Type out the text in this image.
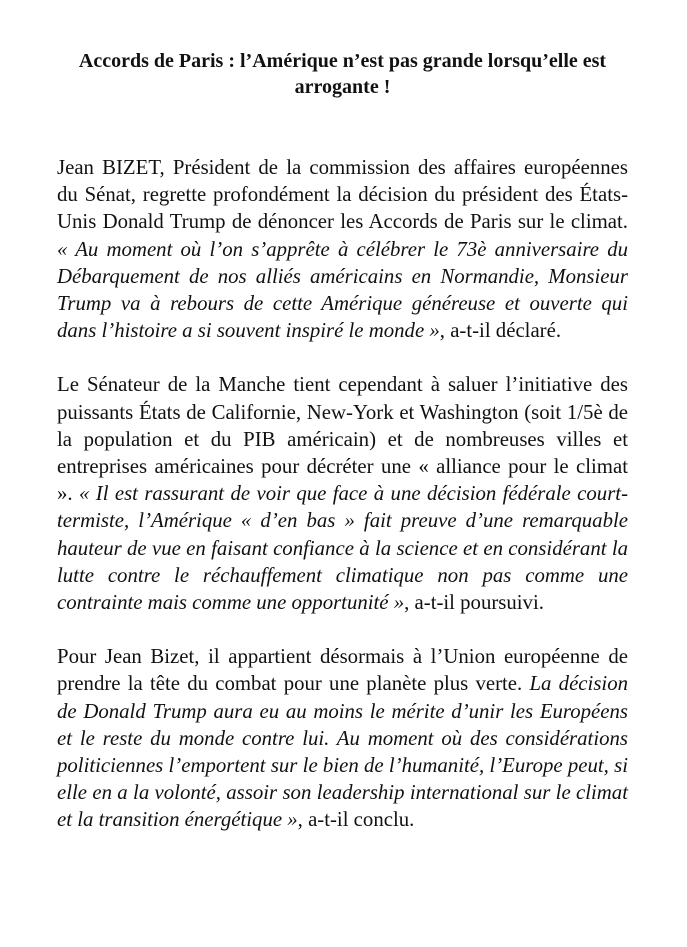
Accords de Paris : l’Amérique n’est pas grande lorsqu’elle est arrogante !

Jean BIZET, Président de la commission des affaires européennes du Sénat, regrette profondément la décision du président des États-Unis Donald Trump de dénoncer les Accords de Paris sur le climat. « Au moment où l’on s’apprête à célébrer le 73è anniversaire du Débarquement de nos alliés américains en Normandie, Monsieur Trump va à rebours de cette Amérique généreuse et ouverte qui dans l’histoire a si souvent inspiré le monde », a-t-il déclaré.

Le Sénateur de la Manche tient cependant à saluer l’initiative des puissants États de Californie, New-York et Washington (soit 1/5è de la population et du PIB américain) et de nombreuses villes et entreprises américaines pour décréter une « alliance pour le climat ». « Il est rassurant de voir que face à une décision fédérale court-termiste, l’Amérique « d’en bas » fait preuve d’une remarquable hauteur de vue en faisant confiance à la science et en considérant la lutte contre le réchauffement climatique non pas comme une contrainte mais comme une opportunité », a-t-il poursuivi.

Pour Jean Bizet, il appartient désormais à l’Union européenne de prendre la tête du combat pour une planète plus verte. La décision de Donald Trump aura eu au moins le mérite d’unir les Européens et le reste du monde contre lui. Au moment où des considérations politiciennes l’emportent sur le bien de l’humanité, l’Europe peut, si elle en a la volonté, assoir son leadership international sur le climat et la transition énergétique », a-t-il conclu.
